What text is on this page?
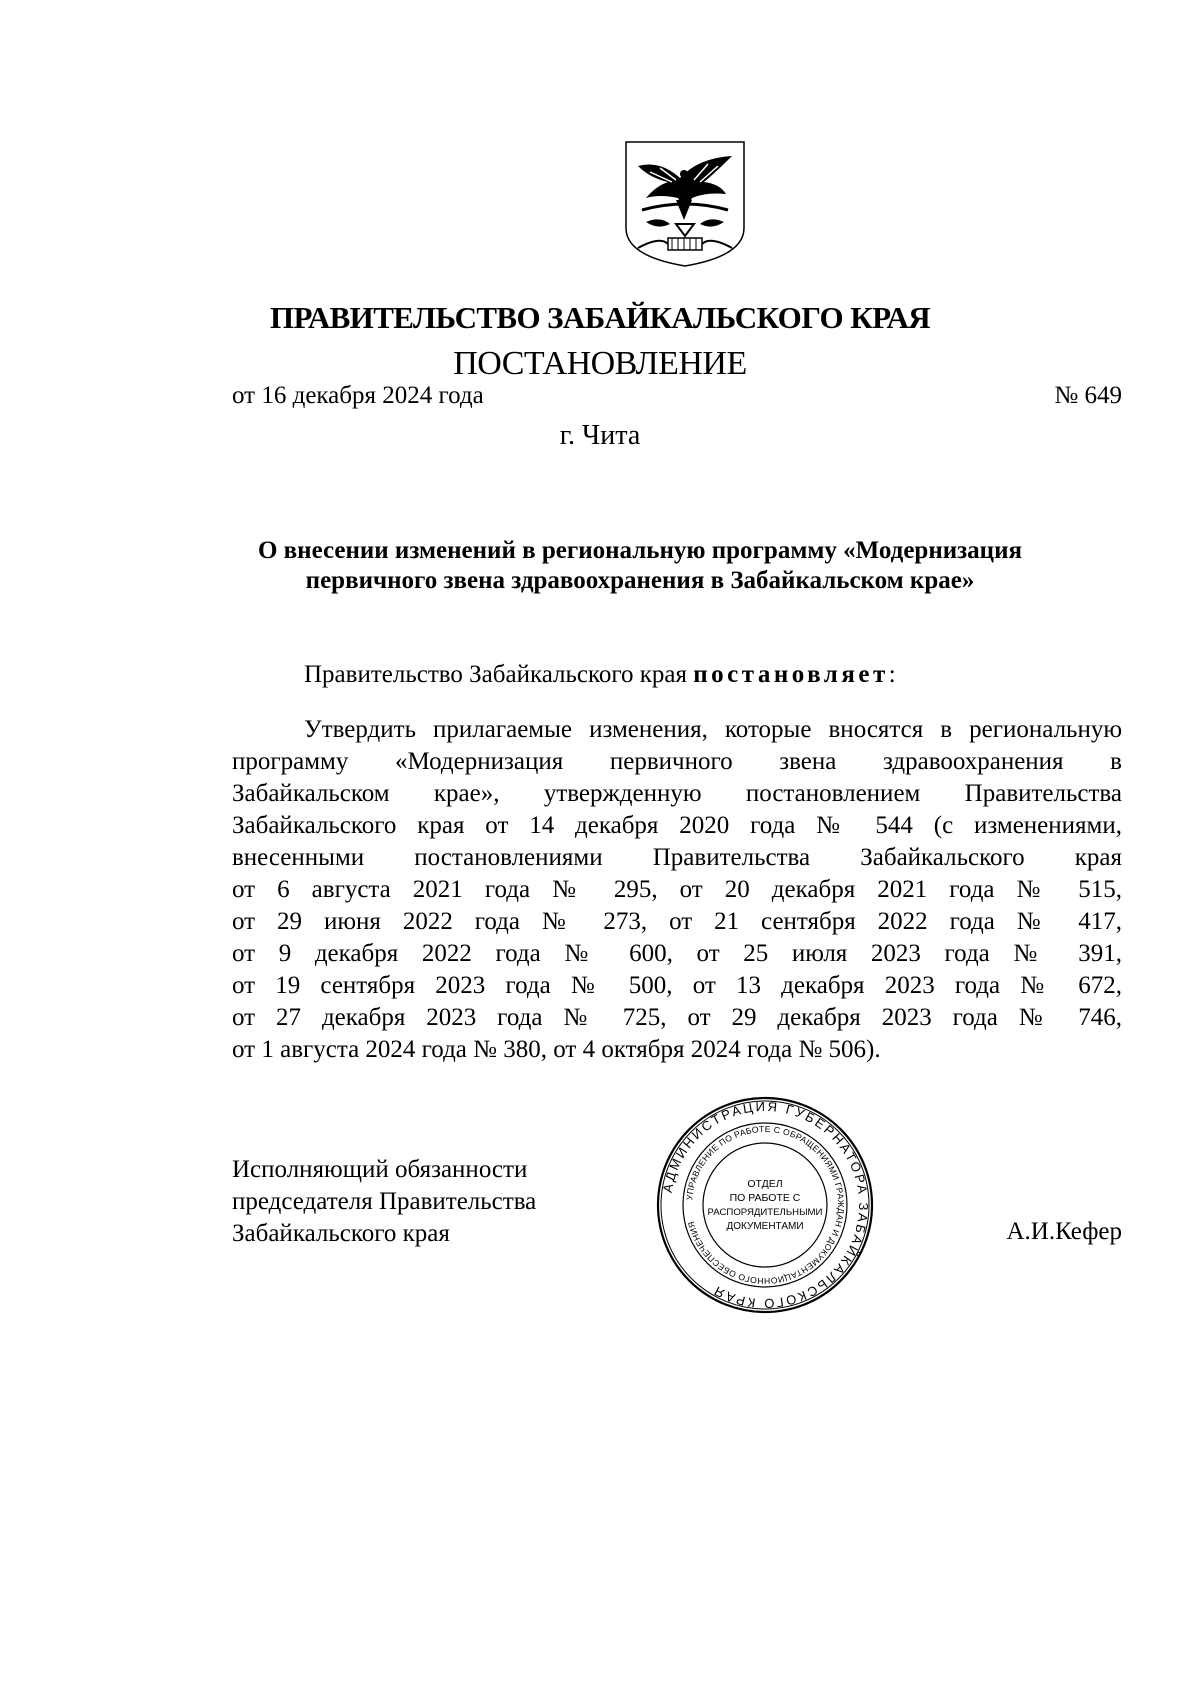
ПРАВИТЕЛЬСТВО ЗАБАЙКАЛЬСКОГО КРАЯ
ПОСТАНОВЛЕНИЕ
от 16 декабря 2024 года	№ 649
г. Чита
О внесении изменений в региональную программу «Модернизация
первичного звена здравоохранения в Забайкальском крае»
Правительство Забайкальского края постановляет:
Утвердить прилагаемые изменения, которые вносятся в региональную
программу «Модернизация первичного звена здравоохранения в
Забайкальском крае», утвержденную постановлением Правительства
Забайкальского края от 14 декабря 2020 года № 544 (с изменениями,
внесенными постановлениями Правительства Забайкальского края
от 6 августа 2021 года № 295, от 20 декабря 2021 года № 515,
от 29 июня 2022 года № 273, от 21 сентября 2022 года № 417,
от 9 декабря 2022 года № 600, от 25 июля 2023 года № 391,
от 19 сентября 2023 года № 500, от 13 декабря 2023 года № 672,
от 27 декабря 2023 года № 725, от 29 декабря 2023 года № 746,
от 1 августа 2024 года № 380, от 4 октября 2024 года № 506).
Исполняющий обязанности
председателя Правительства
Забайкальского края	А.И.Кефер
АДМИНИСТРАЦИЯ ГУБЕРНАТОРА ЗАБАЙКАЛЬСКОГО КРАЯ
УПРАВЛЕНИЕ ПО РАБОТЕ С ОБРАЩЕНИЯМИ ГРАЖДАН И ДОКУМЕНТАЦИОННОГО ОБЕСПЕЧЕНИЯ
ОТДЕЛ
ПО РАБОТЕ С
РАСПОРЯДИТЕЛЬНЫМИ
ДОКУМЕНТАМИ
